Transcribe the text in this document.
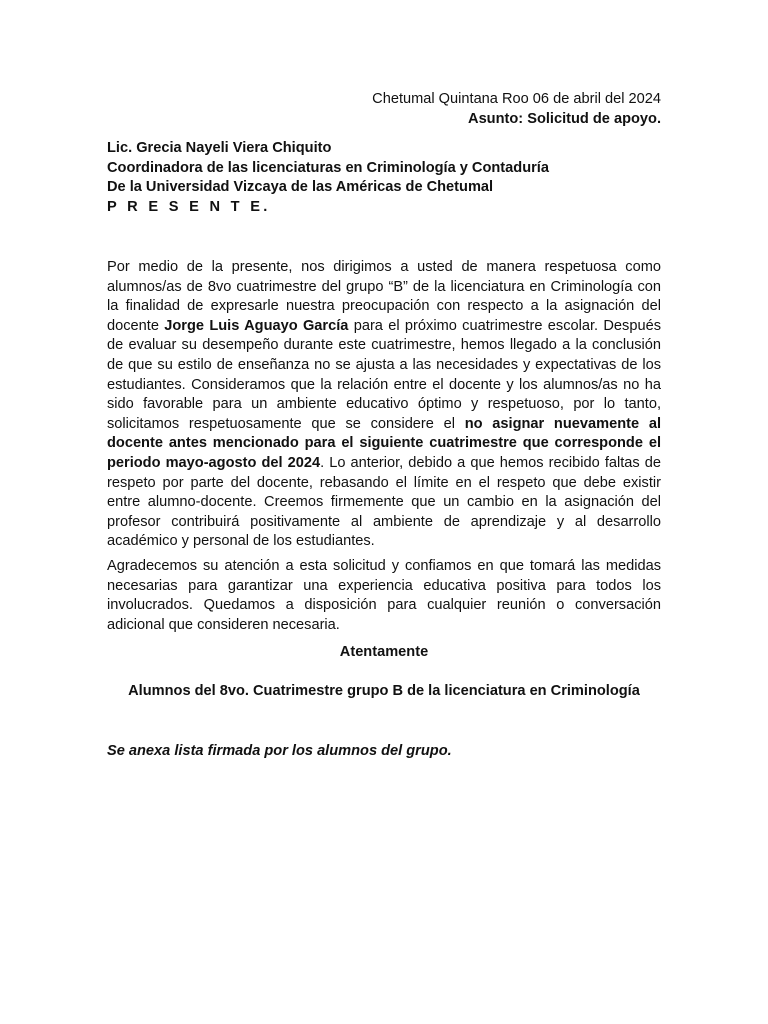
Chetumal Quintana Roo 06 de abril del 2024
Asunto: Solicitud de apoyo.
Lic. Grecia Nayeli Viera Chiquito
Coordinadora de las licenciaturas en Criminología y Contaduría
De la Universidad Vizcaya de las Américas de Chetumal
P R E S E N T E.

Por medio de la presente, nos dirigimos a usted de manera respetuosa como alumnos/as de 8vo cuatrimestre del grupo “B” de la licenciatura en Criminología con la finalidad de expresarle nuestra preocupación con respecto a la asignación del docente Jorge Luis Aguayo García para el próximo cuatrimestre escolar. Después de evaluar su desempeño durante este cuatrimestre, hemos llegado a la conclusión de que su estilo de enseñanza no se ajusta a las necesidades y expectativas de los estudiantes. Consideramos que la relación entre el docente y los alumnos/as no ha sido favorable para un ambiente educativo óptimo y respetuoso, por lo tanto, solicitamos respetuosamente que se considere el no asignar nuevamente al docente antes mencionado para el siguiente cuatrimestre que corresponde el periodo mayo-agosto del 2024. Lo anterior, debido a que hemos recibido faltas de respeto por parte del docente, rebasando el límite en el respeto que debe existir entre alumno-docente. Creemos firmemente que un cambio en la asignación del profesor contribuirá positivamente al ambiente de aprendizaje y al desarrollo académico y personal de los estudiantes.

Agradecemos su atención a esta solicitud y confiamos en que tomará las medidas necesarias para garantizar una experiencia educativa positiva para todos los involucrados. Quedamos a disposición para cualquier reunión o conversación adicional que consideren necesaria.

Atentamente
Alumnos del 8vo. Cuatrimestre grupo B de la licenciatura en Criminología
Se anexa lista firmada por los alumnos del grupo.
